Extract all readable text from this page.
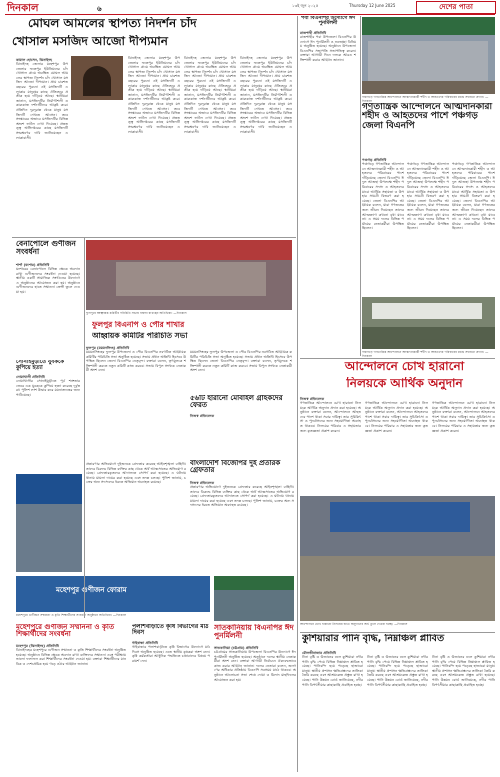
দিনকাল	৬	১৩ই জুন ২০২৫	Thursday 12 June 2025	দেশের পাতা
মোঘল আমলের স্থাপত্য নিদর্শন চাঁদ
খোসাল মসজিদ আজো দীপ্যমান
কামাল হোসেন, ঝিনাইদহ
ঝিনাইদহ জেলার মহেশপুর উপজেলার ফতেপুর ইউনিয়নের চাঁদ খোসাল গ্রামে অবস্থিত মোঘল আমলের স্থাপত্য নিদর্শন চাঁদ খোসাল মসজিদ আজো দীপ্যমান। প্রায় চারশত বছরের পুরনো এই মসজিদটি এলাকার মানুষের কাছে ঐতিহ্যের প্রতীক হয়ে দাঁড়িয়ে আছে। স্থানীয়রা জানান, মসজিদটির নির্মাণশৈলী ও কারুকাজ দর্শনার্থীদের আকৃষ্ট করে। প্রতিদিন দূরদূরান্ত থেকে মানুষ মসজিদটি দেখতে আসেন। তবে সংস্কারের অভাবে মসজিদটির বিভিন্ন অংশে ফাটল দেখা দিয়েছে। প্রত্নতত্ত্ব অধিদপ্তরের কাছে মসজিদটি সংরক্ষণের দাবি জানিয়েছেন এলাকাবাসী।
ঝিনাইদহ জেলার মহেশপুর উপজেলার ফতেপুর ইউনিয়নের চাঁদ খোসাল গ্রামে অবস্থিত মোঘল আমলের স্থাপত্য নিদর্শন চাঁদ খোসাল মসজিদ আজো দীপ্যমান। প্রায় চারশত বছরের পুরনো এই মসজিদটি এলাকার মানুষের কাছে ঐতিহ্যের প্রতীক হয়ে দাঁড়িয়ে আছে। স্থানীয়রা জানান, মসজিদটির নির্মাণশৈলী ও কারুকাজ দর্শনার্থীদের আকৃষ্ট করে। প্রতিদিন দূরদূরান্ত থেকে মানুষ মসজিদটি দেখতে আসেন। তবে সংস্কারের অভাবে মসজিদটির বিভিন্ন অংশে ফাটল দেখা দিয়েছে। প্রত্নতত্ত্ব অধিদপ্তরের কাছে মসজিদটি সংরক্ষণের দাবি জানিয়েছেন এলাকাবাসী।
ঝিনাইদহ জেলার মহেশপুর উপজেলার ফতেপুর ইউনিয়নের চাঁদ খোসাল গ্রামে অবস্থিত মোঘল আমলের স্থাপত্য নিদর্শন চাঁদ খোসাল মসজিদ আজো দীপ্যমান। প্রায় চারশত বছরের পুরনো এই মসজিদটি এলাকার মানুষের কাছে ঐতিহ্যের প্রতীক হয়ে দাঁড়িয়ে আছে। স্থানীয়রা জানান, মসজিদটির নির্মাণশৈলী ও কারুকাজ দর্শনার্থীদের আকৃষ্ট করে। প্রতিদিন দূরদূরান্ত থেকে মানুষ মসজিদটি দেখতে আসেন। তবে সংস্কারের অভাবে মসজিদটির বিভিন্ন অংশে ফাটল দেখা দিয়েছে। প্রত্নতত্ত্ব অধিদপ্তরের কাছে মসজিদটি সংরক্ষণের দাবি জানিয়েছেন এলাকাবাসী।
ঝিনাইদহ জেলার মহেশপুর উপজেলার ফতেপুর ইউনিয়নের চাঁদ খোসাল গ্রামে অবস্থিত মোঘল আমলের স্থাপত্য নিদর্শন চাঁদ খোসাল মসজিদ আজো দীপ্যমান। প্রায় চারশত বছরের পুরনো এই মসজিদটি এলাকার মানুষের কাছে ঐতিহ্যের প্রতীক হয়ে দাঁড়িয়ে আছে। স্থানীয়রা জানান, মসজিদটির নির্মাণশৈলী ও কারুকাজ দর্শনার্থীদের আকৃষ্ট করে। প্রতিদিন দূরদূরান্ত থেকে মানুষ মসজিদটি দেখতে আসেন। তবে সংস্কারের অভাবে মসজিদটির বিভিন্ন অংশে ফাটল দেখা দিয়েছে। প্রত্নতত্ত্ব অধিদপ্তরের কাছে মসজিদটি সংরক্ষণের দাবি জানিয়েছেন এলাকাবাসী।
পবা বিএনপির উদ্যোগে ঈদ পুনর্মিলনী
রাজশাহী প্রতিনিধি
রাজশাহীর পবা উপজেলা বিএনপির উদ্যোগে ঈদ পুনর্মিলনী ও শুভেচ্ছা বিনিময় অনুষ্ঠিত হয়েছে। অনুষ্ঠানে উপজেলা বিএনপির সভাপতি সভাপতিত্ব করেন। বক্তারা আগামী দিনে দলকে আরও শক্তিশালী করার আহ্বান জানান।
পঞ্চগড়ে গণতান্ত্রিক আন্দোলনে আত্মদানকারী শহীদ ও আহতদের পরিবারের মাঝে সহায়তা প্রদান। —দিনকাল
গণতান্ত্রিক আন্দোলনে আত্মদানকারী শহীদ ও আহতদের পাশে পঞ্চগড় জেলা বিএনপি
পঞ্চগড় প্রতিনিধি
পঞ্চগড়ে গণতান্ত্রিক আন্দোলনে আত্মদানকারী শহীদ ও আহতদের পরিবারের পাশে দাঁড়িয়েছে জেলা বিএনপি। ঈদুল আজহা উপলক্ষে শহীদ পরিবারের সদস্য ও আহতদের মাঝে আর্থিক সহায়তা ও উপহার সামগ্রী বিতরণ করা হয়েছে। জেলা বিএনপির আহ্বায়ক বলেন, যারা গণতন্ত্রের জন্য জীবন দিয়েছেন তাদের আত্মত্যাগ কখনো বৃথা যাবে না। এ সময় দলের বিভিন্ন পর্যায়ের নেতাকর্মীরা উপস্থিত ছিলেন।
পঞ্চগড়ে গণতান্ত্রিক আন্দোলনে আত্মদানকারী শহীদ ও আহতদের পরিবারের পাশে দাঁড়িয়েছে জেলা বিএনপি। ঈদুল আজহা উপলক্ষে শহীদ পরিবারের সদস্য ও আহতদের মাঝে আর্থিক সহায়তা ও উপহার সামগ্রী বিতরণ করা হয়েছে। জেলা বিএনপির আহ্বায়ক বলেন, যারা গণতন্ত্রের জন্য জীবন দিয়েছেন তাদের আত্মত্যাগ কখনো বৃথা যাবে না। এ সময় দলের বিভিন্ন পর্যায়ের নেতাকর্মীরা উপস্থিত ছিলেন।
পঞ্চগড়ে গণতান্ত্রিক আন্দোলনে আত্মদানকারী শহীদ ও আহতদের পরিবারের পাশে দাঁড়িয়েছে জেলা বিএনপি। ঈদুল আজহা উপলক্ষে শহীদ পরিবারের সদস্য ও আহতদের মাঝে আর্থিক সহায়তা ও উপহার সামগ্রী বিতরণ করা হয়েছে। জেলা বিএনপির আহ্বায়ক বলেন, যারা গণতন্ত্রের জন্য জীবন দিয়েছেন তাদের আত্মত্যাগ কখনো বৃথা যাবে না। এ সময় দলের বিভিন্ন পর্যায়ের নেতাকর্মীরা উপস্থিত ছিলেন।
পঞ্চগড়ে গণতান্ত্রিক আন্দোলনে আত্মদানকারী শহীদ ও আহতদের পরিবারের মাঝে সহায়তা প্রদান। —দিনকাল
আন্দোলনে চোখ হারানো
নিলয়কে আর্থিক অনুদান
নিজস্ব প্রতিবেদক
গণতান্ত্রিক আন্দোলনে চোখ হারানো নিলয়কে আর্থিক অনুদান প্রদান করা হয়েছে। অনুষ্ঠানে বক্তারা বলেন, আন্দোলনে আহতদের পাশে থাকা সবার দায়িত্ব। তার সুচিকিৎসা ও পুনর্বাসনের জন্য সহযোগিতা অব্যাহত থাকবে। নিলয়ের পরিবার এ সহায়তার জন্য কৃতজ্ঞতা প্রকাশ করেন।
গণতান্ত্রিক আন্দোলনে চোখ হারানো নিলয়কে আর্থিক অনুদান প্রদান করা হয়েছে। অনুষ্ঠানে বক্তারা বলেন, আন্দোলনে আহতদের পাশে থাকা সবার দায়িত্ব। তার সুচিকিৎসা ও পুনর্বাসনের জন্য সহযোগিতা অব্যাহত থাকবে। নিলয়ের পরিবার এ সহায়তার জন্য কৃতজ্ঞতা প্রকাশ করেন।
গণতান্ত্রিক আন্দোলনে চোখ হারানো নিলয়কে আর্থিক অনুদান প্রদান করা হয়েছে। অনুষ্ঠানে বক্তারা বলেন, আন্দোলনে আহতদের পাশে থাকা সবার দায়িত্ব। তার সুচিকিৎসা ও পুনর্বাসনের জন্য সহযোগিতা অব্যাহত থাকবে। নিলয়ের পরিবার এ সহায়তার জন্য কৃতজ্ঞতা প্রকাশ করেন।
আন্দোলনে চোখ হারানো নিলয়ের হাতে অনুদানের অর্থ তুলে দেওয়া হচ্ছে। —দিনকাল
কুশিয়ারার পানি বৃদ্ধি, নিম্নাঞ্চল প্লাবিত
মৌলভীবাজার প্রতিনিধি
টানা বৃষ্টি ও উজানের ঢলে কুশিয়ারা নদীর পানি বৃদ্ধি পেয়ে বিভিন্ন নিম্নাঞ্চল প্লাবিত হয়েছে। পানিবন্দি হয়ে পড়েছে হাজারো মানুষ। স্থানীয় প্রশাসন ক্ষতিগ্রস্তদের তালিকা তৈরি করছে এবং আশ্রয়কেন্দ্র প্রস্তুত রাখা হয়েছে। পানি উন্নয়ন বোর্ড জানিয়েছে, নদীর পানি বিপৎসীমার কাছাকাছি প্রবাহিত হচ্ছে।
টানা বৃষ্টি ও উজানের ঢলে কুশিয়ারা নদীর পানি বৃদ্ধি পেয়ে বিভিন্ন নিম্নাঞ্চল প্লাবিত হয়েছে। পানিবন্দি হয়ে পড়েছে হাজারো মানুষ। স্থানীয় প্রশাসন ক্ষতিগ্রস্তদের তালিকা তৈরি করছে এবং আশ্রয়কেন্দ্র প্রস্তুত রাখা হয়েছে। পানি উন্নয়ন বোর্ড জানিয়েছে, নদীর পানি বিপৎসীমার কাছাকাছি প্রবাহিত হচ্ছে।
টানা বৃষ্টি ও উজানের ঢলে কুশিয়ারা নদীর পানি বৃদ্ধি পেয়ে বিভিন্ন নিম্নাঞ্চল প্লাবিত হয়েছে। পানিবন্দি হয়ে পড়েছে হাজারো মানুষ। স্থানীয় প্রশাসন ক্ষতিগ্রস্তদের তালিকা তৈরি করছে এবং আশ্রয়কেন্দ্র প্রস্তুত রাখা হয়েছে। পানি উন্নয়ন বোর্ড জানিয়েছে, নদীর পানি বিপৎসীমার কাছাকাছি প্রবাহিত হচ্ছে।
বেনাপোলে গুণীজন সংবর্ধনা
শার্শা (যশোর) প্রতিনিধি
যশোরের বেনাপোলে বিভিন্ন ক্ষেত্রে অবদান রাখা গুণীজনদের সংবর্ধনা দেওয়া হয়েছে। স্থানীয় একটি সামাজিক সংগঠনের উদ্যোগে এ অনুষ্ঠানের আয়োজন করা হয়। অনুষ্ঠানে গুণীজনদের হাতে সম্মাননা ক্রেস্ট তুলে দেওয়া হয়।
সোনাইমুড়ীতে যুবককে কুপিয়ে হত্যা
নোয়াখালী প্রতিনিধি
নোয়াখালীর সোনাইমুড়ীতে পূর্ব শত্রুতার জেরে এক যুবককে কুপিয়ে হত্যা করেছে দুর্বৃত্তরা। পুলিশ লাশ উদ্ধার করে ময়নাতদন্তের জন্য পাঠিয়েছে।
ফুলপুরে আহ্বায়ক কমিটির পরিচিতি সভায় বক্তব্য রাখছেন অতিথিরা। —দিনকাল
ফুলপুর বিএনপি ও পৌর শাখার
আহ্বায়ক কমিটির পরিচিতি সভা
ফুলপুর (ময়মনসিংহ) প্রতিনিধি
ময়মনসিংহের ফুলপুর উপজেলা ও পৌর বিএনপির নবগঠিত আহ্বায়ক কমিটির পরিচিতি সভা অনুষ্ঠিত হয়েছে। সভায় প্রধান অতিথি হিসেবে উপস্থিত ছিলেন জেলা বিএনপির নেতৃবৃন্দ। বক্তারা বলেন, তৃণমূলকে শক্তিশালী করতে নতুন কমিটি কাজ করবে। সভায় বিপুল সংখ্যক নেতাকর্মী অংশ নেন।
ময়মনসিংহের ফুলপুর উপজেলা ও পৌর বিএনপির নবগঠিত আহ্বায়ক কমিটির পরিচিতি সভা অনুষ্ঠিত হয়েছে। সভায় প্রধান অতিথি হিসেবে উপস্থিত ছিলেন জেলা বিএনপির নেতৃবৃন্দ। বক্তারা বলেন, তৃণমূলকে শক্তিশালী করতে নতুন কমিটি কাজ করবে। সভায় বিপুল সংখ্যক নেতাকর্মী অংশ নেন।
৫৬টি হারানো মোবাইল গ্রাহকদের ফেরত
নিজস্ব প্রতিবেদক
বাংলাদেশি বিজেপির দুই প্রতারক গ্রেফতার
নিজস্ব প্রতিবেদক
প্রতারণার অভিযোগে দুইজনকে গ্রেফতার করেছে আইনশৃঙ্খলা বাহিনী। তাদের বিরুদ্ধে বিভিন্ন ব্যক্তির কাছ থেকে অর্থ আত্মসাতের অভিযোগ রয়েছে। গ্রেফতারকৃতদের আদালতে সোপর্দ করা হয়েছে। এ ঘটনায় থানায় মামলা দায়ের করা হয়েছে এবং তদন্ত চলছে। পুলিশ জানায়, চক্রের অন্য সদস্যদের ধরতে অভিযান অব্যাহত রয়েছে।
প্রতারণার অভিযোগে দুইজনকে গ্রেফতার করেছে আইনশৃঙ্খলা বাহিনী। তাদের বিরুদ্ধে বিভিন্ন ব্যক্তির কাছ থেকে অর্থ আত্মসাতের অভিযোগ রয়েছে। গ্রেফতারকৃতদের আদালতে সোপর্দ করা হয়েছে। এ ঘটনায় থানায় মামলা দায়ের করা হয়েছে এবং তদন্ত চলছে। পুলিশ জানায়, চক্রের অন্য সদস্যদের ধরতে অভিযান অব্যাহত রয়েছে।
মহেশপুর গুণীজন ফোরাম
মহেশপুরে গুণীজন সম্মাননা ও কৃতি শিক্ষার্থীদের সংবর্ধনা অনুষ্ঠানে অতিথিরা। —দিনকাল
মহেশপুরে গুণীজন সম্মাননা ও কৃতি শিক্ষার্থীদের সংবর্ধনা
মহেশপুর (ঝিনাইদহ) প্রতিনিধি
ঝিনাইদহের মহেশপুরে গুণীজন সম্মাননা ও কৃতি শিক্ষার্থীদের সংবর্ধনা অনুষ্ঠিত হয়েছে। অনুষ্ঠানে বিভিন্ন ক্ষেত্রে অবদান রাখা ব্যক্তিদের সম্মাননা এবং পরীক্ষায় ভালো ফলাফল করা শিক্ষার্থীদের সংবর্ধনা দেওয়া হয়। বক্তারা শিক্ষার্থীদের মানবিক ও দেশপ্রেমিক হয়ে গড়ে ওঠার আহ্বান জানান।
পলাশবাড়ীতে কৃষি বিভাগের মাঠ দিবস
গাইবান্ধা প্রতিনিধি
গাইবান্ধার পলাশবাড়ীতে কৃষি বিভাগের উদ্যোগে মাঠ দিবস অনুষ্ঠিত হয়েছে। এতে স্থানীয় কৃষকরা অংশ নেন। কৃষি কর্মকর্তারা আধুনিক পদ্ধতিতে চাষাবাদের বিষয়ে পরামর্শ দেন।
সাতকানিয়ায় বিএনপির ঈদ পুনর্মিলনী
সাতকানিয়া (চট্টগ্রাম) প্রতিনিধি
চট্টগ্রামের সাতকানিয়ায় উপজেলা বিএনপির উদ্যোগে ঈদ পুনর্মিলনী অনুষ্ঠিত হয়েছে। অনুষ্ঠানে দলের স্থানীয় নেতাকর্মীরা অংশ নেন। বক্তারা আগামী নির্বাচনে ঐক্যবদ্ধভাবে কাজ করার আহ্বান জানান। দলের নেতারা বলেন, জনগণের অধিকার প্রতিষ্ঠায় বিএনপি সবসময় মাঠে থাকবে। অনুষ্ঠানে আলোচনা সভা শেষে দোয়া ও মিলাদ মাহফিলের আয়োজন করা হয়।
